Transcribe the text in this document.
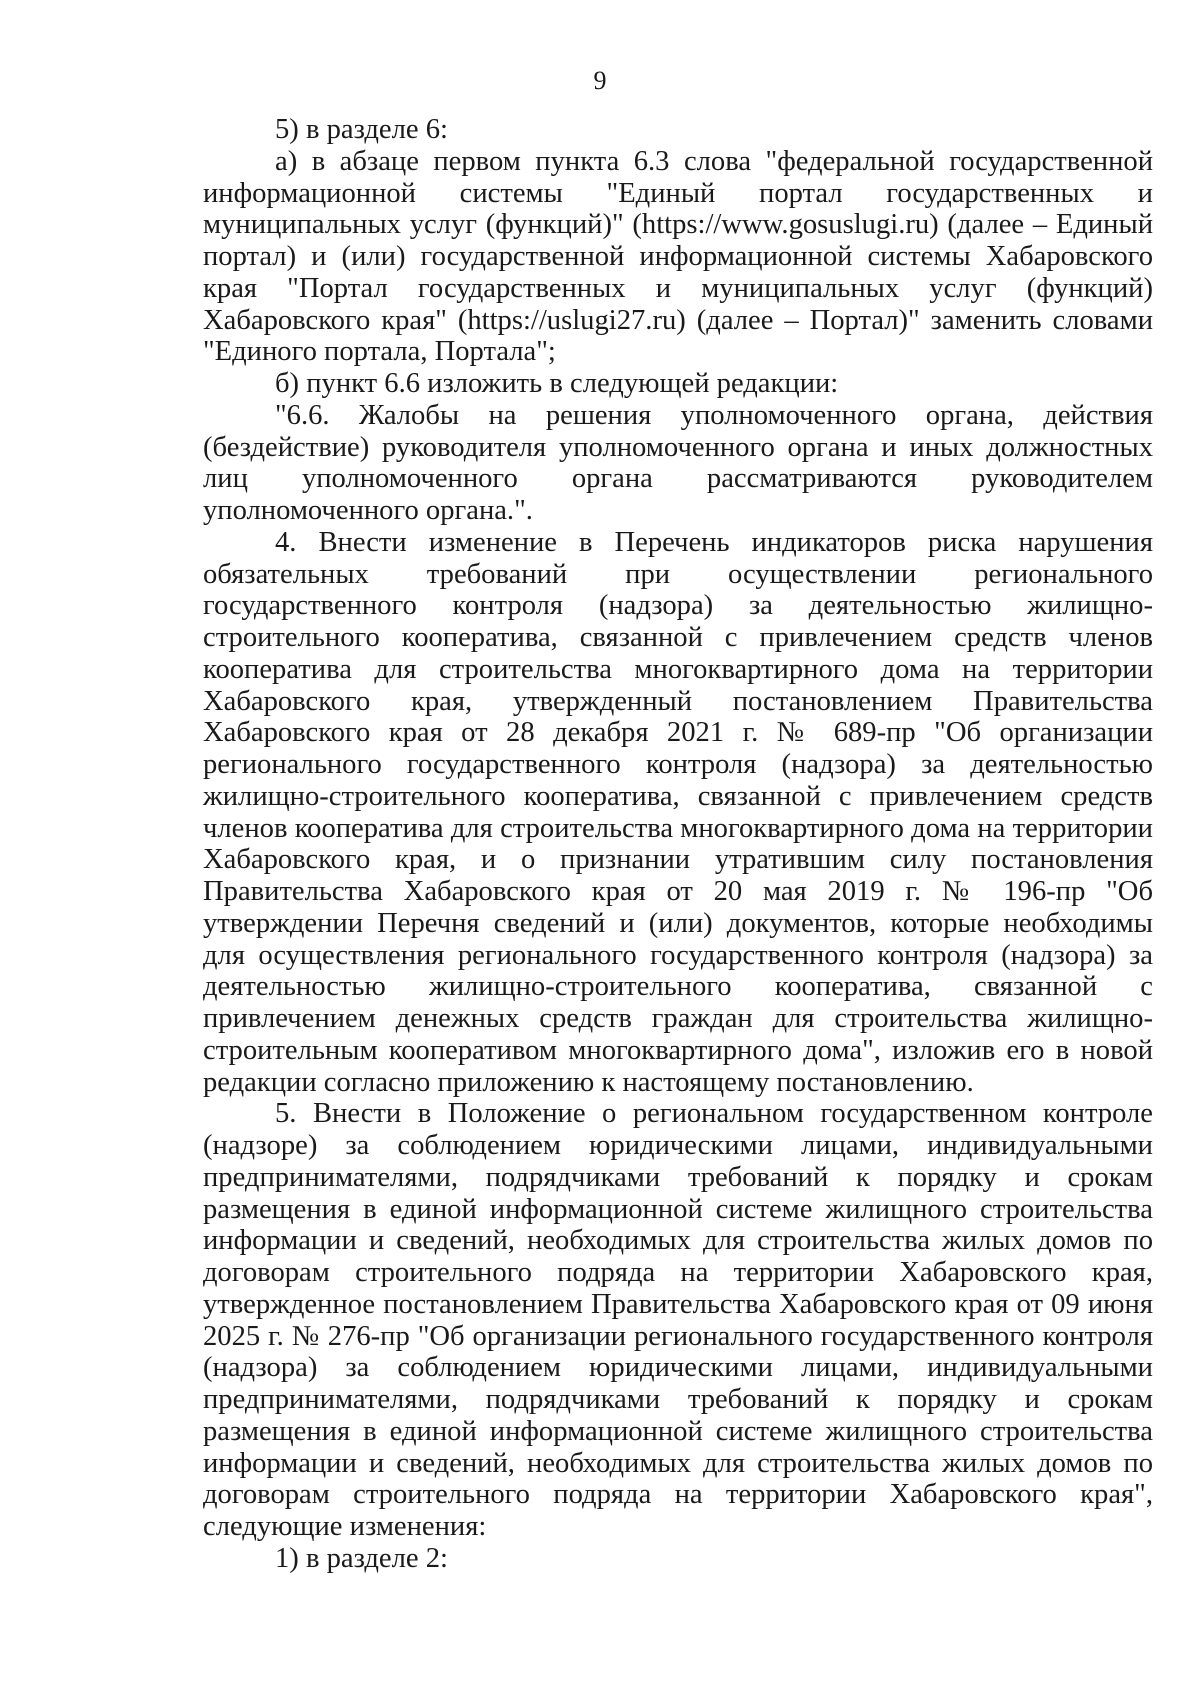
9

5) в разделе 6:

а) в абзаце первом пункта 6.3 слова "федеральной государственной информационной системы "Единый портал государственных и муниципальных услуг (функций)" (https://www.gosuslugi.ru) (далее – Единый портал) и (или) государственной информационной системы Хабаровского края "Портал государственных и муниципальных услуг (функций) Хабаровского края" (https://uslugi27.ru) (далее – Портал)" заменить словами "Единого портала, Портала";

б) пункт 6.6 изложить в следующей редакции:

"6.6. Жалобы на решения уполномоченного органа, действия (бездействие) руководителя уполномоченного органа и иных должностных лиц уполномоченного органа рассматриваются руководителем уполномоченного органа.".

4. Внести изменение в Перечень индикаторов риска нарушения обязательных требований при осуществлении регионального государственного контроля (надзора) за деятельностью жилищно-строительного кооператива, связанной с привлечением средств членов кооператива для строительства многоквартирного дома на территории Хабаровского края, утвержденный постановлением Правительства Хабаровского края от 28 декабря 2021 г. № 689-пр "Об организации регионального государственного контроля (надзора) за деятельностью жилищно-строительного кооператива, связанной с привлечением средств членов кооператива для строительства многоквартирного дома на территории Хабаровского края, и о признании утратившим силу постановления Правительства Хабаровского края от 20 мая 2019 г. № 196-пр "Об утверждении Перечня сведений и (или) документов, которые необходимы для осуществления регионального государственного контроля (надзора) за деятельностью жилищно-строительного кооператива, связанной с привлечением денежных средств граждан для строительства жилищно-строительным кооперативом многоквартирного дома", изложив его в новой редакции согласно приложению к настоящему постановлению.

5. Внести в Положение о региональном государственном контроле (надзоре) за соблюдением юридическими лицами, индивидуальными предпринимателями, подрядчиками требований к порядку и срокам размещения в единой информационной системе жилищного строительства информации и сведений, необходимых для строительства жилых домов по договорам строительного подряда на территории Хабаровского края, утвержденное постановлением Правительства Хабаровского края от 09 июня 2025 г. № 276-пр "Об организации регионального государственного контроля (надзора) за соблюдением юридическими лицами, индивидуальными предпринимателями, подрядчиками требований к порядку и срокам размещения в единой информационной системе жилищного строительства информации и сведений, необходимых для строительства жилых домов по договорам строительного подряда на территории Хабаровского края", следующие изменения:

1) в разделе 2:
